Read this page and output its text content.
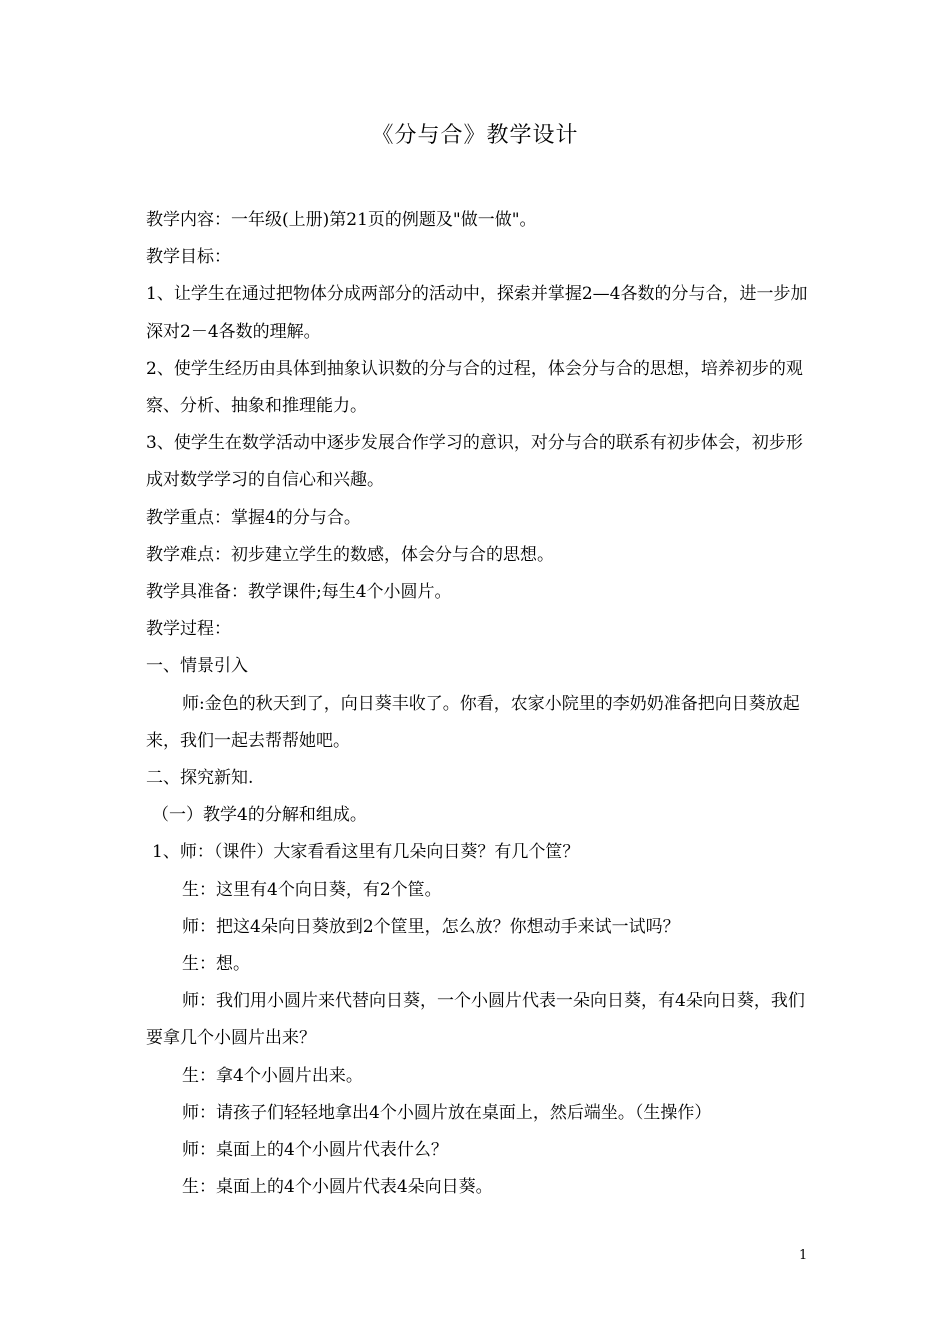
《分与合》教学设计

教学内容：一年级(上册)第21页的例题及"做一做"。

教学目标：

1、让学生在通过把物体分成两部分的活动中，探索并掌握2—4各数的分与合，进一步加深对2－4各数的理解。

2、使学生经历由具体到抽象认识数的分与合的过程，体会分与合的思想，培养初步的观察、分析、抽象和推理能力。

3、使学生在数学活动中逐步发展合作学习的意识，对分与合的联系有初步体会，初步形成对数学学习的自信心和兴趣。

教学重点：掌握4的分与合。

教学难点：初步建立学生的数感，体会分与合的思想。

教学具准备：教学课件;每生4个小圆片。

教学过程：

一、情景引入

师:金色的秋天到了，向日葵丰收了。你看，农家小院里的李奶奶准备把向日葵放起来，我们一起去帮帮她吧。

二、探究新知.

（一）教学4的分解和组成。

1、师：（课件）大家看看这里有几朵向日葵？有几个筐？

生：这里有4个向日葵，有2个筐。

师：把这4朵向日葵放到2个筐里，怎么放？你想动手来试一试吗？

生：想。

师：我们用小圆片来代替向日葵，一个小圆片代表一朵向日葵，有4朵向日葵，我们要拿几个小圆片出来？

生：拿4个小圆片出来。

师：请孩子们轻轻地拿出4个小圆片放在桌面上，然后端坐。（生操作）

师：桌面上的4个小圆片代表什么？

生：桌面上的4个小圆片代表4朵向日葵。

1
